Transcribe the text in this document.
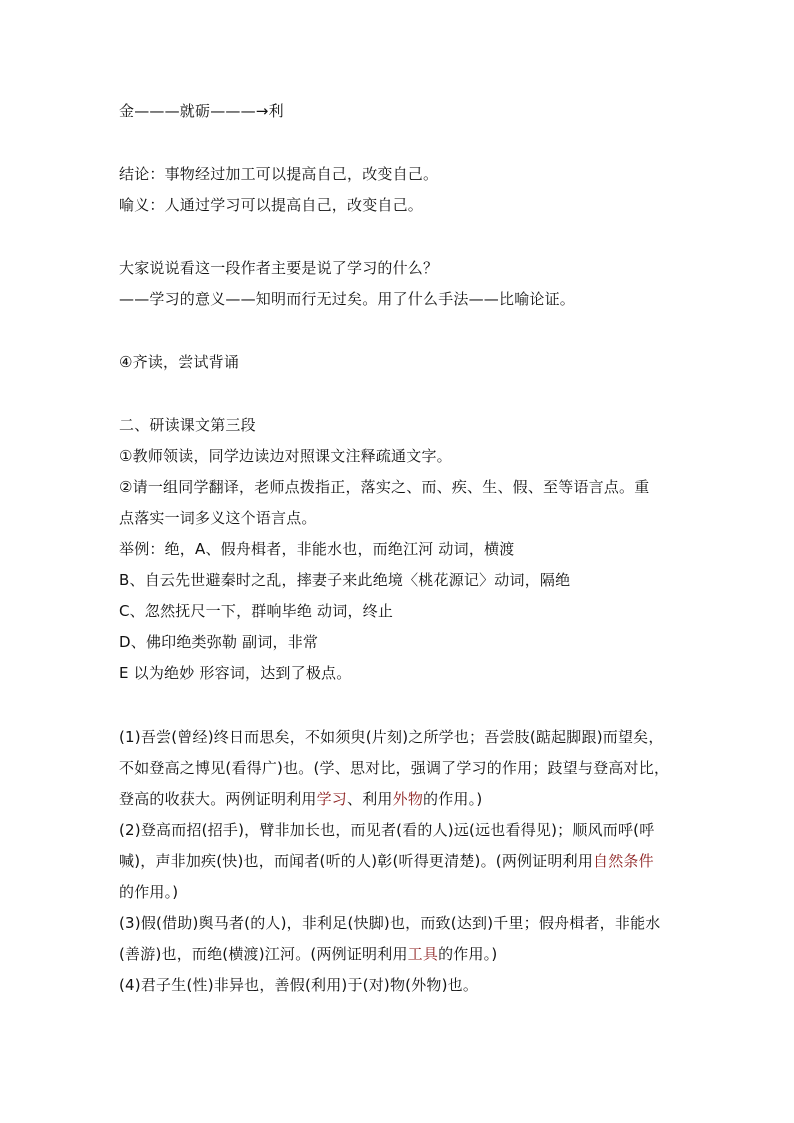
金———就砺———→利
结论：事物经过加工可以提高自己，改变自己。
喻义：人通过学习可以提高自己，改变自己。
大家说说看这一段作者主要是说了学习的什么？
——学习的意义——知明而行无过矣。用了什么手法——比喻论证。
④齐读，尝试背诵
二、研读课文第三段
①教师领读，同学边读边对照课文注释疏通文字。
②请一组同学翻译，老师点拨指正，落实之、而、疾、生、假、至等语言点。重
点落实一词多义这个语言点。
举例：绝，A、假舟楫者，非能水也，而绝江河 动词，横渡
B、自云先世避秦时之乱，摔妻子来此绝境〈桃花源记〉动词，隔绝
C、忽然抚尺一下，群响毕绝 动词，终止
D、佛印绝类弥勒 副词，非常
E 以为绝妙 形容词，达到了极点。
(1)吾尝(曾经)终日而思矣，不如须臾(片刻)之所学也；吾尝肢(踮起脚跟)而望矣，
不如登高之博见(看得广)也。(学、思对比，强调了学习的作用；跂望与登高对比，
登高的收获大。两例证明利用学习、利用外物的作用。)
(2)登高而招(招手)，臂非加长也，而见者(看的人)远(远也看得见)；顺风而呼(呼
喊)，声非加疾(快)也，而闻者(听的人)彰(听得更清楚)。(两例证明利用自然条件
的作用。)
(3)假(借助)舆马者(的人)，非利足(快脚)也，而致(达到)千里；假舟楫者，非能水
(善游)也，而绝(横渡)江河。(两例证明利用工具的作用。)
(4)君子生(性)非异也，善假(利用)于(对)物(外物)也。
